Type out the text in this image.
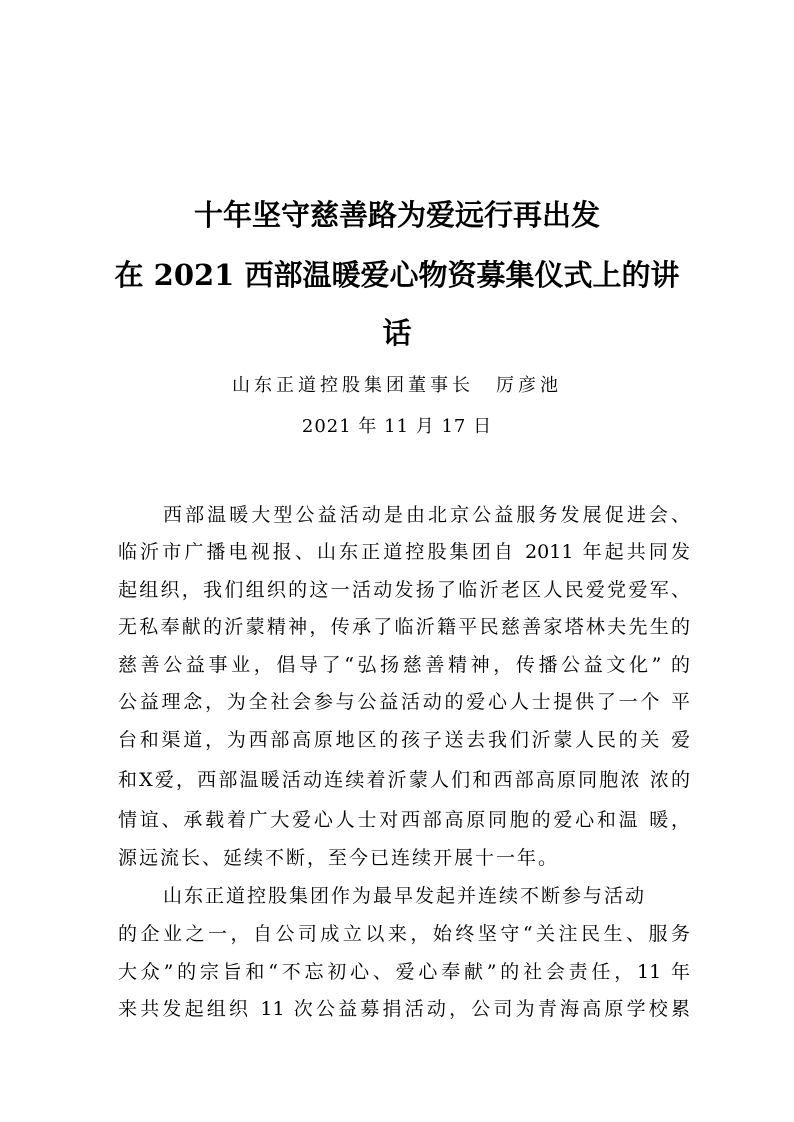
十年坚守慈善路为爱远行再出发
在 2021 西部温暖爱心物资募集仪式上的讲
话
山东正道控股集团董事长　厉彦池
2021 年 11 月 17 日
西部温暖大型公益活动是由北京公益服务发展促进会、
临沂市广播电视报、山东正道控股集团自 2011 年起共同发
起组织，我们组织的这一活动发扬了临沂老区人民爱党爱军、
无私奉献的沂蒙精神，传承了临沂籍平民慈善家塔林夫先生的
慈善公益事业，倡导了“弘扬慈善精神，传播公益文化” 的
公益理念，为全社会参与公益活动的爱心人士提供了一个 平
台和渠道，为西部高原地区的孩子送去我们沂蒙人民的关 爱
和X爱，西部温暖活动连续着沂蒙人们和西部高原同胞浓 浓的
情谊、承载着广大爱心人士对西部高原同胞的爱心和温 暖，
源远流长、延续不断，至今已连续开展十一年。
山东正道控股集团作为最早发起并连续不断参与活动
的企业之一，自公司成立以来，始终坚守“关注民生、服务
大众”的宗旨和“不忘初心、爱心奉献”的社会责任，11 年
来共发起组织 11 次公益募捐活动，公司为青海高原学校累
